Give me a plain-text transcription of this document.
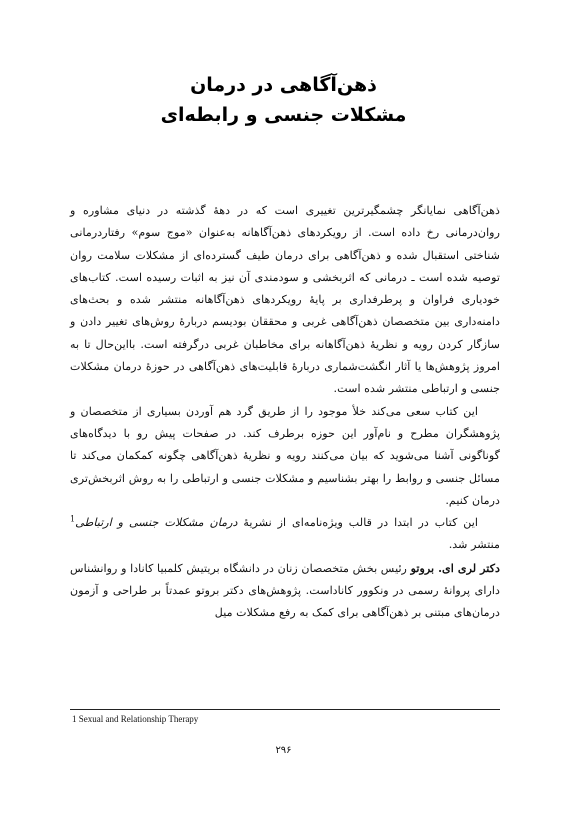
ذهن‌آگاهی در درمان
مشکلات جنسی و رابطه‌ای

ذهن‌آگاهی نمایانگر چشمگیرترین تغییری است که در دهۀ گذشته در دنیای مشاوره و روان‌درمانی رخ داده است. از رویکردهای ذهن‌آگاهانه به‌عنوان «موج سوم» رفتاردرمانی شناختی استقبال شده و ذهن‌آگاهی برای درمان طیف گسترده‌ای از مشکلات سلامت روان توصیه شده است ـ درمانی که اثربخشی و سودمندی آن نیز به اثبات رسیده است. کتاب‌های خودیاری فراوان و پرطرفداری بر پایۀ رویکردهای ذهن‌آگاهانه منتشر شده و بحث‌های دامنه‌داری بین متخصصان ذهن‌آگاهی غربی و محققان بودیسم دربارۀ روش‌های تغییر دادن و سازگار کردن رویه و نظریۀ ذهن‌آگاهانه برای مخاطبان غربی درگرفته است. بااین‌حال تا به امروز پژوهش‌ها یا آثار انگشت‌شماری دربارۀ قابلیت‌های ذهن‌آگاهی در حوزۀ درمان مشکلات جنسی و ارتباطی منتشر شده است.

این کتاب سعی می‌کند خلأ موجود را از طریق گرد هم آوردن بسیاری از متخصصان و پژوهشگران مطرح و نام‌آور این حوزه برطرف کند. در صفحات پیش رو با دیدگاه‌های گوناگونی آشنا می‌شوید که بیان می‌کنند رویه و نظریۀ ذهن‌آگاهی چگونه کمکمان می‌کند تا مسائل جنسی و روابط را بهتر بشناسیم و مشکلات جنسی و ارتباطی را به روش اثربخش‌تری درمان کنیم.

این کتاب در ابتدا در قالب ویژه‌نامه‌ای از نشریۀ درمان مشکلات جنسی و ارتباطی$^1$ منتشر شد.

دکتر لری ای. بروتو رئیس بخش متخصصان زنان در دانشگاه بریتیش کلمبیا کانادا و روانشناس دارای پروانۀ رسمی در ونکوور کاناداست. پژوهش‌های دکتر بروتو عمدتاً بر طراحی و آزمون درمان‌های مبتنی بر ذهن‌آگاهی برای کمک به رفع مشکلات میل

1 Sexual and Relationship Therapy
۲۹۶
